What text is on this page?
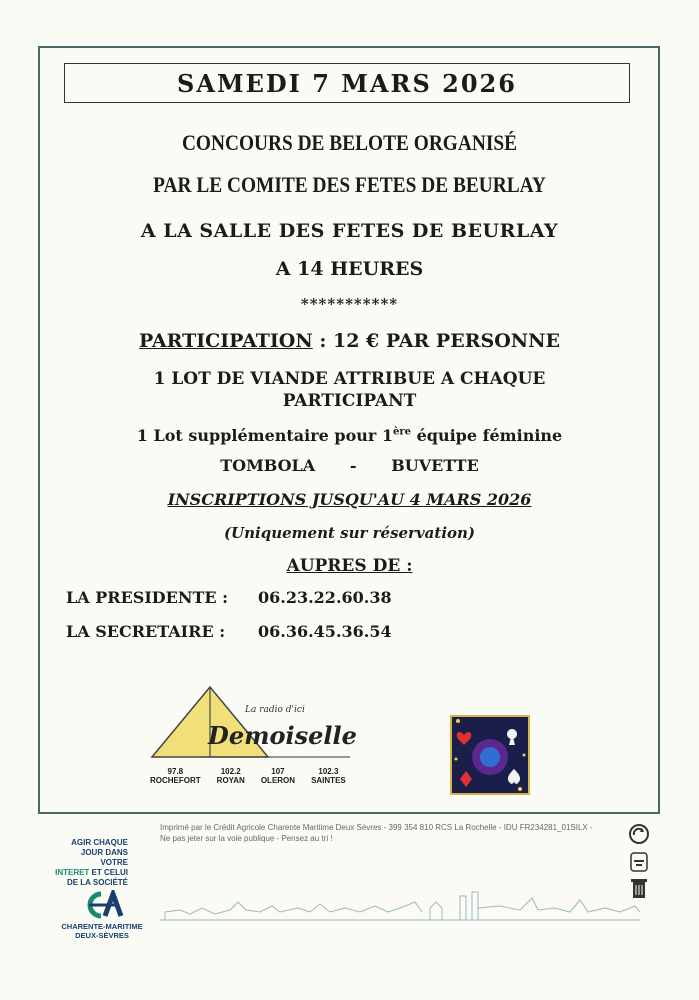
SAMEDI 7 MARS 2026
CONCOURS DE BELOTE ORGANISÉ
PAR LE COMITE DES FETES DE BEURLAY
A LA SALLE DES FETES DE BEURLAY
A 14 HEURES
***********
PARTICIPATION : 12 € PAR PERSONNE
1 LOT DE VIANDE ATTRIBUE A CHAQUE
PARTICIPANT
1 Lot supplémentaire pour 1ère équipe féminine
TOMBOLA   -   BUVETTE
INSCRIPTIONS JUSQU'AU 4 MARS 2026
(Uniquement sur réservation)
AUPRES DE :
LA PRESIDENTE : 06.23.22.60.38
LA SECRETAIRE : 06.36.45.36.54
La radio d'ici
Demoiselle
97.8
ROCHEFORT
102.2
ROYAN
107
OLERON
102.3
SAINTES
Imprimé par le Crédit Agricole Charente Maritime Deux Sèvres - 399 354 810 RCS La Rochelle - IDU FR234281_01SILX -
Ne pas jeter sur la voie publique - Pensez au tri !
AGIR CHAQUE
JOUR DANS VOTRE
INTERET ET CELUI
DE LA SOCIÉTÉ
CHARENTE-MARITIME
DEUX-SÈVRES
